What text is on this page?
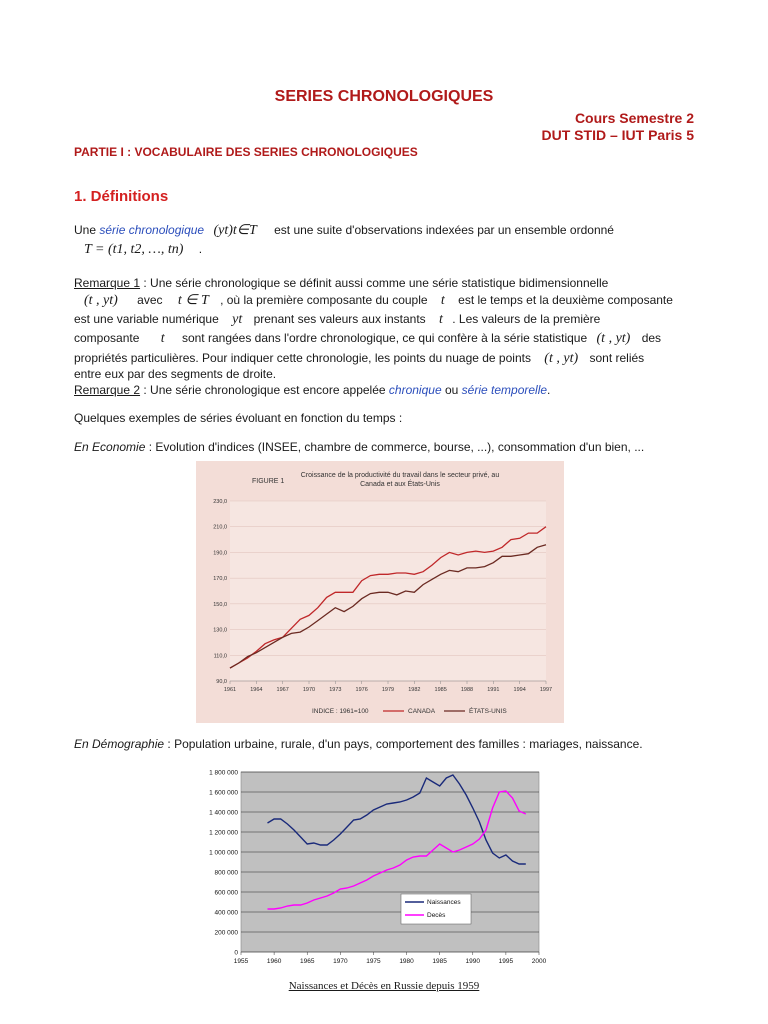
SERIES CHRONOLOGIQUES
Cours Semestre 2
DUT STID – IUT Paris 5
PARTIE I : VOCABULAIRE DES SERIES CHRONOLOGIQUES
1. Définitions
Une série chronologique (yt)t∈T est une suite d'observations indexées par un ensemble ordonné
T = (t1, t2, …, tn) .
Remarque 1 : Une série chronologique se définit aussi comme une série statistique bidimensionnelle
(t , yt) avec t ∈ T , où la première composante du couple t est le temps et la deuxième composante
est une variable numérique yt prenant ses valeurs aux instants t . Les valeurs de la première
composante t sont rangées dans l'ordre chronologique, ce qui confère à la série statistique (t , yt) des
propriétés particulières. Pour indiquer cette chronologie, les points du nuage de points (t , yt) sont reliés
entre eux par des segments de droite.
Remarque 2 : Une série chronologique est encore appelée chronique ou série temporelle.
Quelques exemples de séries évoluant en fonction du temps :
En Economie : Evolution d'indices (INSEE, chambre de commerce, bourse, ...), consommation d'un bien, ...
FIGURE 1
Croissance de la productivité du travail dans le secteur privé, au Canada et aux États-Unis
90,0
110,0
130,0
150,0
170,0
190,0
210,0
230,0
1961	1964	1967	1970	1973	1976	1979	1982	1985	1988	1991	1994	1997
INDICE : 1961=100	CANADA	ÉTATS-UNIS
En Démographie : Population urbaine, rurale, d'un pays, comportement des familles : mariages, naissance.
0
200 000
400 000
600 000
800 000
1 000 000
1 200 000
1 400 000
1 600 000
1 800 000
1955	1960	1965	1970	1975	1980	1985	1990	1995	2000
Naissances
Decès
Naissances et Décès en Russie depuis 1959
